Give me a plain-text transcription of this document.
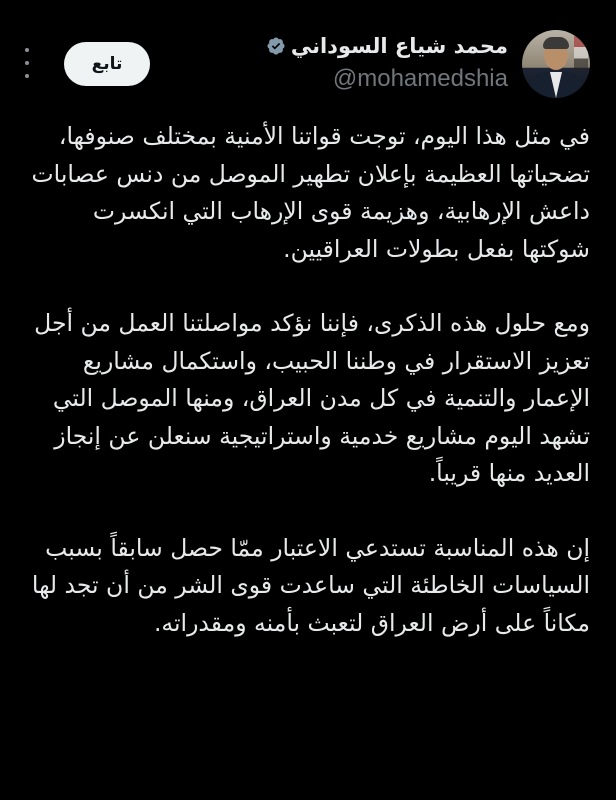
محمد شياع السوداني
@mohamedshia
تابع

في مثل هذا اليوم، توجت قواتنا الأمنية بمختلف صنوفها، تضحياتها العظيمة بإعلان تطهير الموصل من دنس عصابات داعش الإرهابية، وهزيمة قوى الإرهاب التي انكسرت شوكتها بفعل بطولات العراقيين.

ومع حلول هذه الذكرى، فإننا نؤكد مواصلتنا العمل من أجل تعزيز الاستقرار في وطننا الحبيب، واستكمال مشاريع الإعمار والتنمية في كل مدن العراق، ومنها الموصل التي تشهد اليوم مشاريع خدمية واستراتيجية سنعلن عن إنجاز العديد منها قريباً.

إن هذه المناسبة تستدعي الاعتبار ممّا حصل سابقاً بسبب السياسات الخاطئة التي ساعدت قوى الشر من أن تجد لها مكاناً على أرض العراق لتعبث بأمنه ومقدراته.
